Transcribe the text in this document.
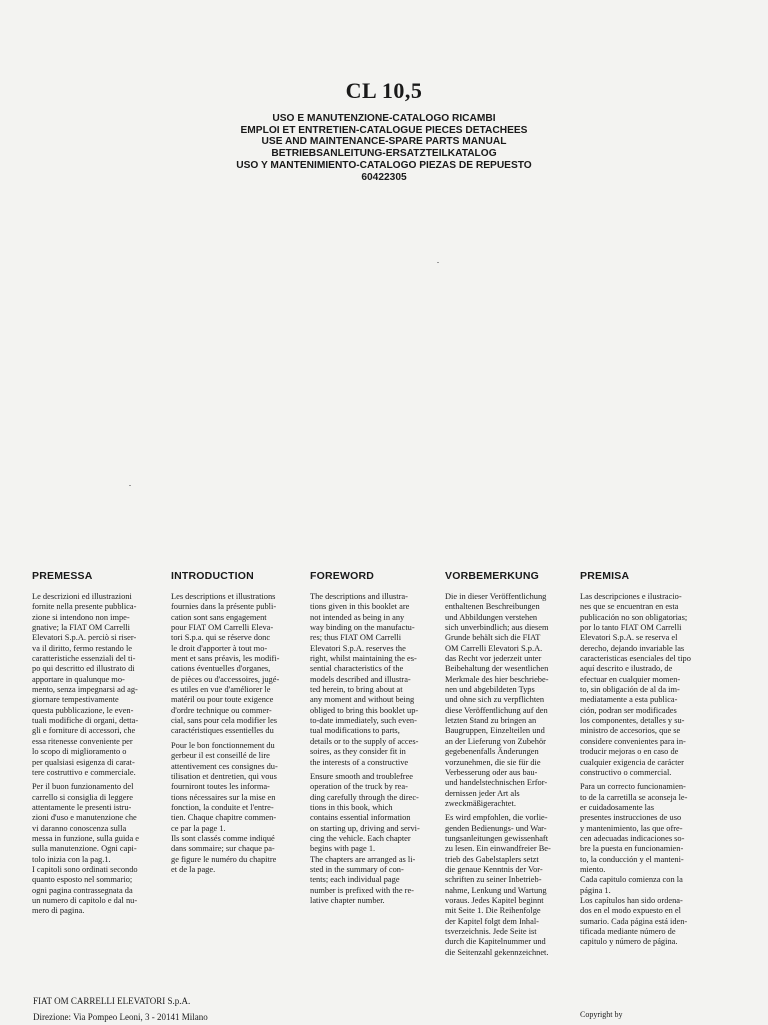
CL 10,5
USO E MANUTENZIONE-CATALOGO RICAMBI
EMPLOI ET ENTRETIEN-CATALOGUE PIECES DETACHEES
USE AND MAINTENANCE-SPARE PARTS MANUAL
BETRIEBSANLEITUNG-ERSATZTEILKATALOG
USO Y MANTENIMIENTO-CATALOGO PIEZAS DE REPUESTO
60422305
PREMESSA

Le descrizioni ed illustrazioni
fornite nella presente pubblica-
zione si intendono non impe-
gnative; la FIAT OM Carrelli
Elevatori S.p.A. perciò si riser-
va il diritto, fermo restando le
caratteristiche essenziali del ti-
po qui descritto ed illustrato di
apportare in qualunque mo-
mento, senza impegnarsi ad ag-
giornare tempestivamente
questa pubblicazione, le even-
tuali modifiche di organi, detta-
gli e forniture di accessori, che
essa ritenesse conveniente per
lo scopo di miglioramento o
per qualsiasi esigenza di carat-
tere costruttivo e commerciale.

Per il buon funzionamento del
carrello si consiglia di leggere
attentamente le presenti istru-
zioni d'uso e manutenzione che
vi daranno conoscenza sulla
messa in funzione, sulla guida e
sulla manutenzione. Ogni capi-
tolo inizia con la pag.1.
I capitoli sono ordinati secondo
quanto esposto nel sommario;
ogni pagina contrassegnata da
un numero di capitolo e dal nu-
mero di pagina.

INTRODUCTION

Les descriptions et illustrations
fournies dans la présente publi-
cation sont sans engagement
pour FIAT OM Carrelli Eleva-
tori S.p.a. qui se réserve donc
le droit d'apporter à tout mo-
ment et sans préavis, les modifi-
cations éventuelles d'organes,
de pièces ou d'accessoires, jugé-
es utiles en vue d'améliorer le
matéril ou pour toute exigence
d'ordre technique ou commer-
cial, sans pour cela modifier les
caractéristiques essentielles du

Pour le bon fonctionnement du
gerbeur il est conseillé de lire
attentivement ces consignes du-
tilisation et dentretien, qui vous
fourniront toutes les informa-
tions nécessaires sur la mise en
fonction, la conduite et l'entre-
tien. Chaque chapitre commen-
ce par la page 1.
Ils sont classés comme indiqué
dans sommaire; sur chaque pa-
ge figure le numéro du chapitre
et de la page.

FOREWORD

The descriptions and illustra-
tions given in this booklet are
not intended as being in any
way binding on the manufactu-
res; thus FIAT OM Carrelli
Elevatori S.p.A. reserves the
right, whilst maintaining the es-
sential characteristics of the
models described and illustra-
ted herein, to bring about at
any moment and without being
obliged to bring this booklet up-
to-date immediately, such even-
tual modifications to parts,
details or to the supply of acces-
soires, as they consider fit in
the interests of a constructive

Ensure smooth and troublefree
operation of the truck by rea-
ding carefully through the direc-
tions in this book, which
contains essential information
on starting up, driving and servi-
cing the vehicle. Each chapter
begins with page 1.
The chapters are arranged as li-
sted in the summary of con-
tents; each individual page
number is prefixed with the re-
lative chapter number.

VORBEMERKUNG

Die in dieser Veröffentlichung
enthaltenen Beschreibungen
und Abbildungen verstehen
sich unverbindlich; aus diesem
Grunde behält sich die FIAT
OM Carrelli Elevatori S.p.A.
das Recht vor jederzeit unter
Beibehaltung der wesentlichen
Merkmale des hier beschriebe-
nen und abgebildeten Typs
und ohne sich zu verpflichten
diese Veröffentlichung auf den
letzten Stand zu bringen an
Baugruppen, Einzelteilen und
an der Lieferung von Zubehör
gegebenenfalls Änderungen
vorzunehmen, die sie für die
Verbesserung oder aus bau-
und handelstechnischen Erfor-
dernissen jeder Art als
zweckmäßigerachtet.

Es wird empfohlen, die vorlie-
genden Bedienungs- und War-
tungsanleitungen gewissenhaft
zu lesen. Ein einwandfreier Be-
trieb des Gabelstaplers setzt
die genaue Kenntnis der Vor-
schriften zu seiner Inbetrieb-
nahme, Lenkung und Wartung
voraus. Jedes Kapitel beginnt
mit Seite 1. Die Reihenfolge
der Kapitel folgt dem Inhal-
tsverzeichnis. Jede Seite ist
durch die Kapitelnummer und
die Seitenzahl gekennzeichnet.

PREMISA

Las descripciones e ilustracio-
nes que se encuentran en esta
publicación no son obligatorias;
por lo tanto FIAT OM Carrelli
Elevatori S.p.A. se reserva el
derecho, dejando invariable las
caracteristicas esenciales del tipo
aquí descrito e ilustrado, de
efectuar en cualquier momen-
to, sin obligación de al da im-
mediatamente a esta publica-
ción, podran ser modificades
los componentes, detalles y su-
ministro de accesorios, que se
considere convenientes para in-
troducir mejoras o en caso de
cualquier exigencia de carácter
constructivo o commercial.

Para un correcto funcionamien-
to de la carretilla se aconseja le-
er cuidadosamente las
presentes instrucciones de uso
y mantenimiento, las que ofre-
cen adecuadas indicaciones so-
bre la puesta en funcionamien-
to, la conducción y el manteni-
miento.
Cada capitulo comienza con la
página 1.
Los capítulos han sido ordena-
dos en el modo expuesto en el
sumario. Cada página está iden-
tificada mediante número de
capitulo y número de página.

FIAT OM CARRELLI ELEVATORI S.p.A.
Direzione: Via Pompeo Leoni, 3 - 20141 Milano	Copyright by
